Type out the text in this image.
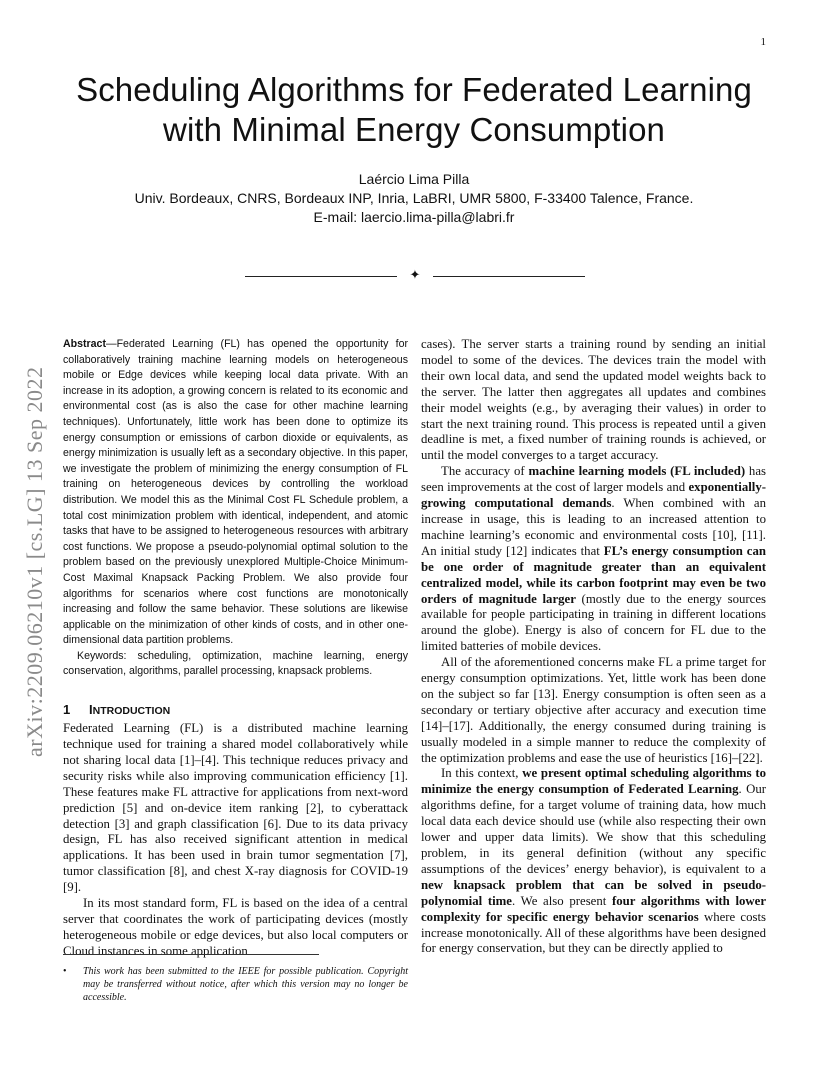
1
arXiv:2209.06210v1 [cs.LG] 13 Sep 2022
Scheduling Algorithms for Federated Learning
with Minimal Energy Consumption
Laércio Lima Pilla
Univ. Bordeaux, CNRS, Bordeaux INP, Inria, LaBRI, UMR 5800, F-33400 Talence, France.
E-mail: laercio.lima-pilla@labri.fr
✦

Abstract—Federated Learning (FL) has opened the opportunity for collaboratively training machine learning models on heterogeneous mobile or Edge devices while keeping local data private. With an increase in its adoption, a growing concern is related to its economic and environmental cost (as is also the case for other machine learning techniques). Unfortunately, little work has been done to optimize its energy consumption or emissions of carbon dioxide or equivalents, as energy minimization is usually left as a secondary objective. In this paper, we investigate the problem of minimizing the energy consumption of FL training on heterogeneous devices by controlling the workload distribution. We model this as the Minimal Cost FL Schedule problem, a total cost minimization problem with identical, independent, and atomic tasks that have to be assigned to heterogeneous resources with arbitrary cost functions. We propose a pseudo-polynomial optimal solution to the problem based on the previously unexplored Multiple-Choice Minimum-Cost Maximal Knapsack Packing Problem. We also provide four algorithms for scenarios where cost functions are monotonically increasing and follow the same behavior. These solutions are likewise applicable on the minimization of other kinds of costs, and in other one-dimensional data partition problems.

Keywords: scheduling, optimization, machine learning, energy conservation, algorithms, parallel processing, knapsack problems.

1 INTRODUCTION

Federated Learning (FL) is a distributed machine learning technique used for training a shared model collaboratively while not sharing local data [1]–[4]. This technique reduces privacy and security risks while also improving communication efficiency [1]. These features make FL attractive for applications from next-word prediction [5] and on-device item ranking [2], to cyberattack detection [3] and graph classification [6]. Due to its data privacy design, FL has also received significant attention in medical applications. It has been used in brain tumor segmentation [7], tumor classification [8], and chest X-ray diagnosis for COVID-19 [9].

In its most standard form, FL is based on the idea of a central server that coordinates the work of participating devices (mostly heterogeneous mobile or edge devices, but also local computers or Cloud instances in some application

• This work has been submitted to the IEEE for possible publication. Copyright may be transferred without notice, after which this version may no longer be accessible.

cases). The server starts a training round by sending an initial model to some of the devices. The devices train the model with their own local data, and send the updated model weights back to the server. The latter then aggregates all updates and combines their model weights (e.g., by averaging their values) in order to start the next training round. This process is repeated until a given deadline is met, a fixed number of training rounds is achieved, or until the model converges to a target accuracy.

The accuracy of machine learning models (FL included) has seen improvements at the cost of larger models and exponentially-growing computational demands. When combined with an increase in usage, this is leading to an increased attention to machine learning’s economic and environmental costs [10], [11]. An initial study [12] indicates that FL’s energy consumption can be one order of magnitude greater than an equivalent centralized model, while its carbon footprint may even be two orders of magnitude larger (mostly due to the energy sources available for people participating in training in different locations around the globe). Energy is also of concern for FL due to the limited batteries of mobile devices.

All of the aforementioned concerns make FL a prime target for energy consumption optimizations. Yet, little work has been done on the subject so far [13]. Energy consumption is often seen as a secondary or tertiary objective after accuracy and execution time [14]–[17]. Additionally, the energy consumed during training is usually modeled in a simple manner to reduce the complexity of the optimization problems and ease the use of heuristics [16]–[22].

In this context, we present optimal scheduling algorithms to minimize the energy consumption of Federated Learning. Our algorithms define, for a target volume of training data, how much local data each device should use (while also respecting their own lower and upper data limits). We show that this scheduling problem, in its general definition (without any specific assumptions of the devices’ energy behavior), is equivalent to a new knapsack problem that can be solved in pseudo-polynomial time. We also present four algorithms with lower complexity for specific energy behavior scenarios where costs increase monotonically. All of these algorithms have been designed for energy conservation, but they can be directly applied to
